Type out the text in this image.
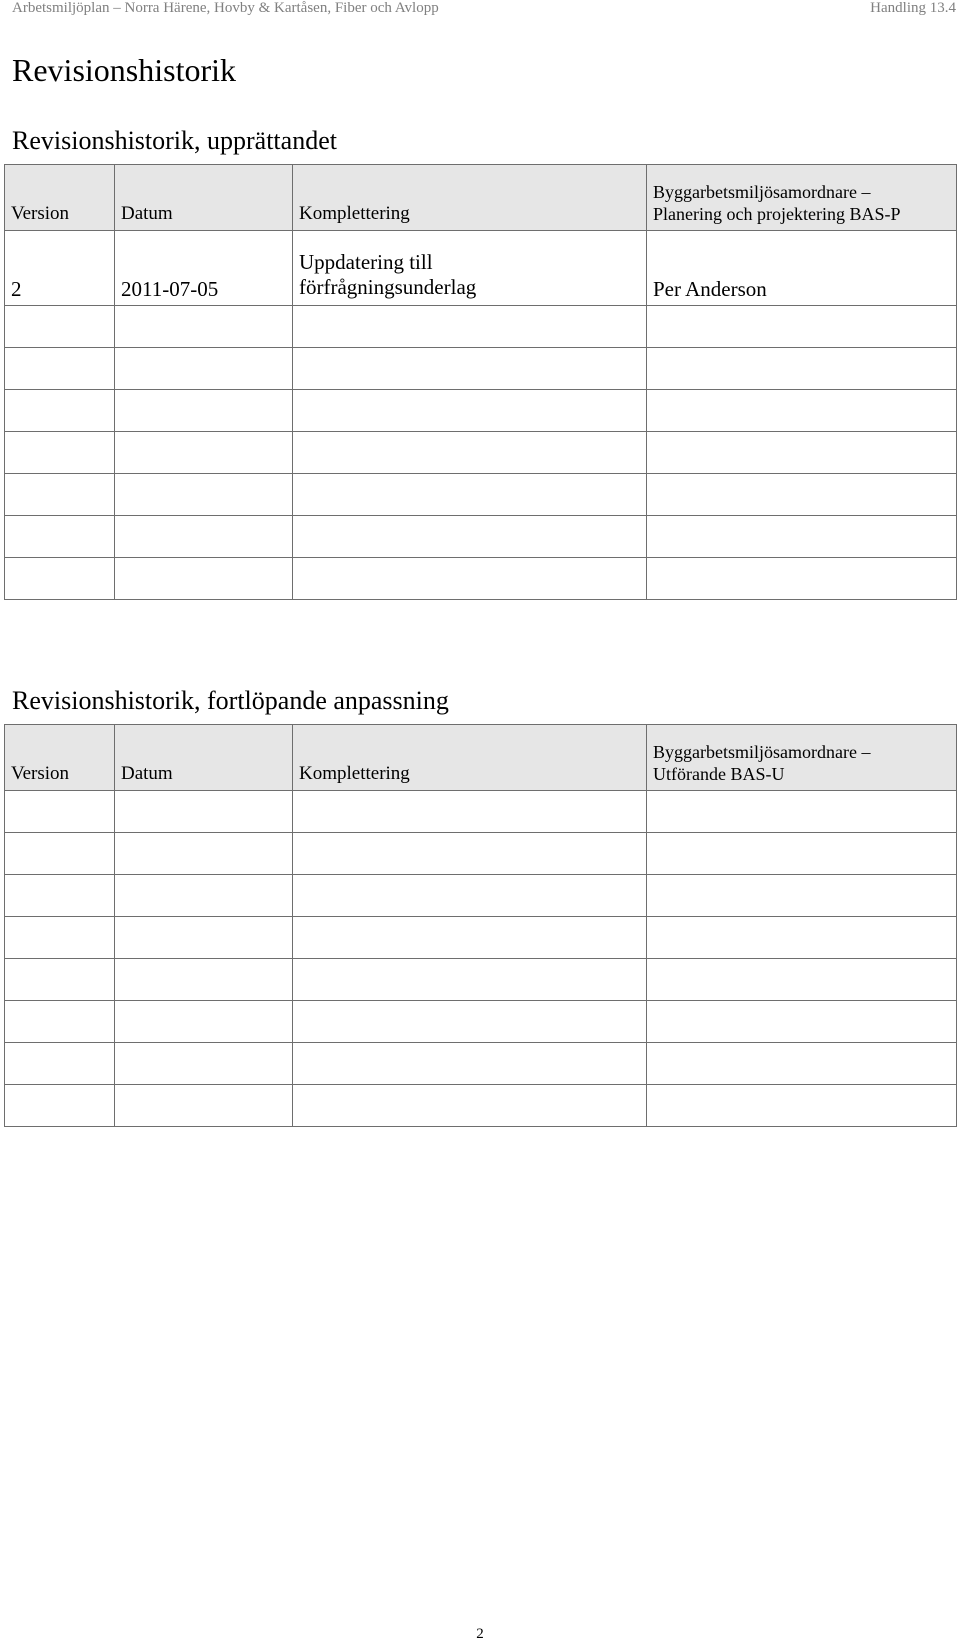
Arbetsmiljöplan – Norra Härene, Hovby & Kartåsen, Fiber och Avlopp	Handling 13.4
Revisionshistorik
Revisionshistorik, upprättandet
Version	Datum	Komplettering	Byggarbetsmiljösamordnare –
Planering och projektering BAS-P

2	2011-07-05	Uppdatering till
förfrågningsunderlag	Per Anderson

Revisionshistorik, fortlöpande anpassning
Version	Datum	Komplettering	Byggarbetsmiljösamordnare –
Utförande BAS-U

2
